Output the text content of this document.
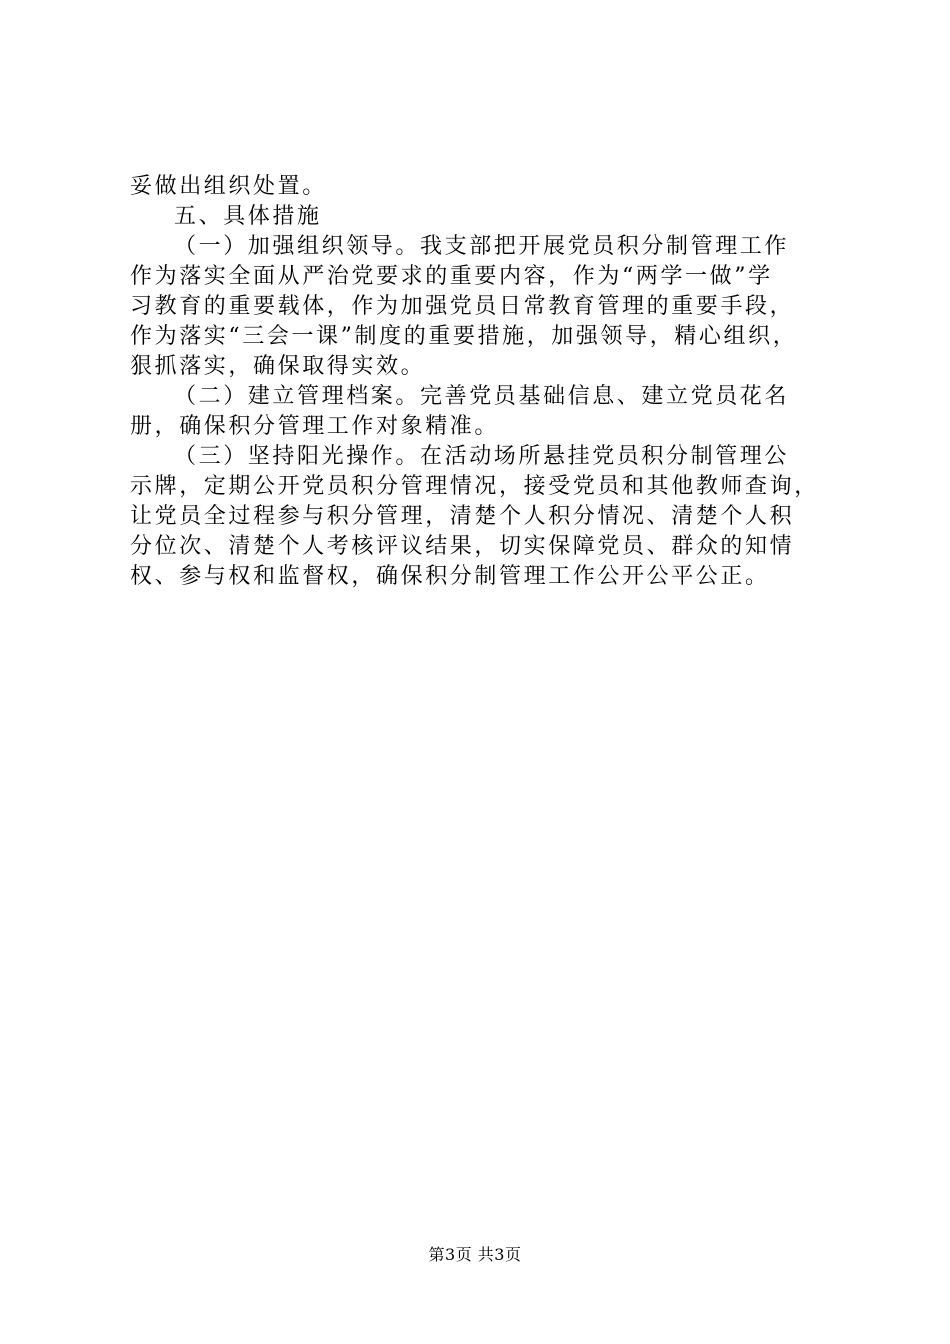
妥做出组织处置。
五、具体措施
（一）加强组织领导。我支部把开展党员积分制管理工作
作为落实全面从严治党要求的重要内容，作为“两学一做”学
习教育的重要载体，作为加强党员日常教育管理的重要手段，
作为落实“三会一课”制度的重要措施，加强领导，精心组织，
狠抓落实，确保取得实效。
（二）建立管理档案。完善党员基础信息、建立党员花名
册，确保积分管理工作对象精准。
（三）坚持阳光操作。在活动场所悬挂党员积分制管理公
示牌，定期公开党员积分管理情况，接受党员和其他教师查询，
让党员全过程参与积分管理，清楚个人积分情况、清楚个人积
分位次、清楚个人考核评议结果，切实保障党员、群众的知情
权、参与权和监督权，确保积分制管理工作公开公平公正。
第3页 共3页
